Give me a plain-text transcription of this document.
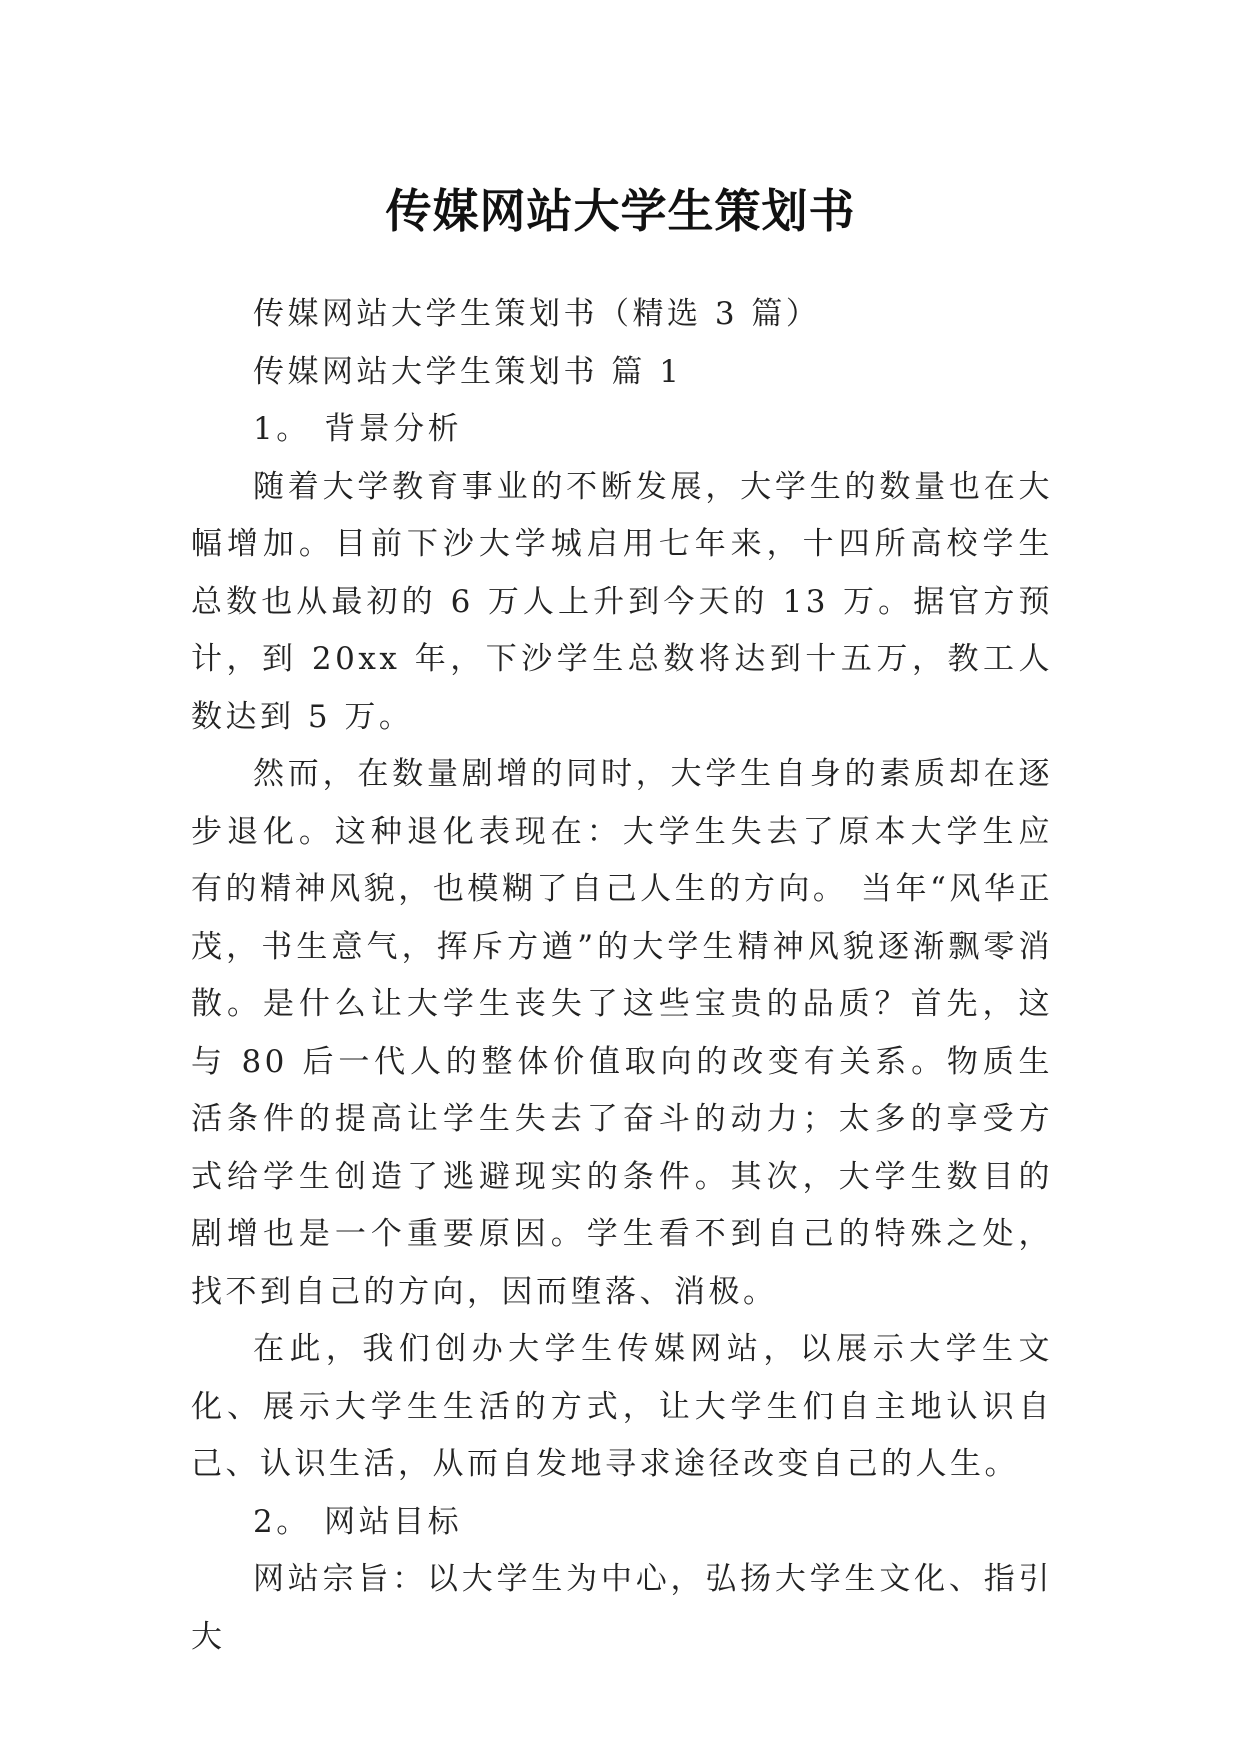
传媒网站大学生策划书

传媒网站大学生策划书（精选 3 篇）

传媒网站大学生策划书 篇 1

1。 背景分析

随着大学教育事业的不断发展，大学生的数量也在大幅增加。目前下沙大学城启用七年来，十四所高校学生总数也从最初的 6 万人上升到今天的 13 万。据官方预计，到 20xx 年，下沙学生总数将达到十五万，教工人数达到 5 万。

然而，在数量剧增的同时，大学生自身的素质却在逐步退化。这种退化表现在：大学生失去了原本大学生应有的精神风貌，也模糊了自己人生的方向。 当年“风华正茂，书生意气，挥斥方遒”的大学生精神风貌逐渐飘零消散。是什么让大学生丧失了这些宝贵的品质？首先，这与 80 后一代人的整体价值取向的改变有关系。物质生活条件的提高让学生失去了奋斗的动力；太多的享受方式给学生创造了逃避现实的条件。其次，大学生数目的剧增也是一个重要原因。学生看不到自己的特殊之处，找不到自己的方向，因而堕落、消极。

在此，我们创办大学生传媒网站，以展示大学生文化、展示大学生生活的方式，让大学生们自主地认识自己、认识生活，从而自发地寻求途径改变自己的人生。

2。 网站目标

网站宗旨：以大学生为中心，弘扬大学生文化、指引大
